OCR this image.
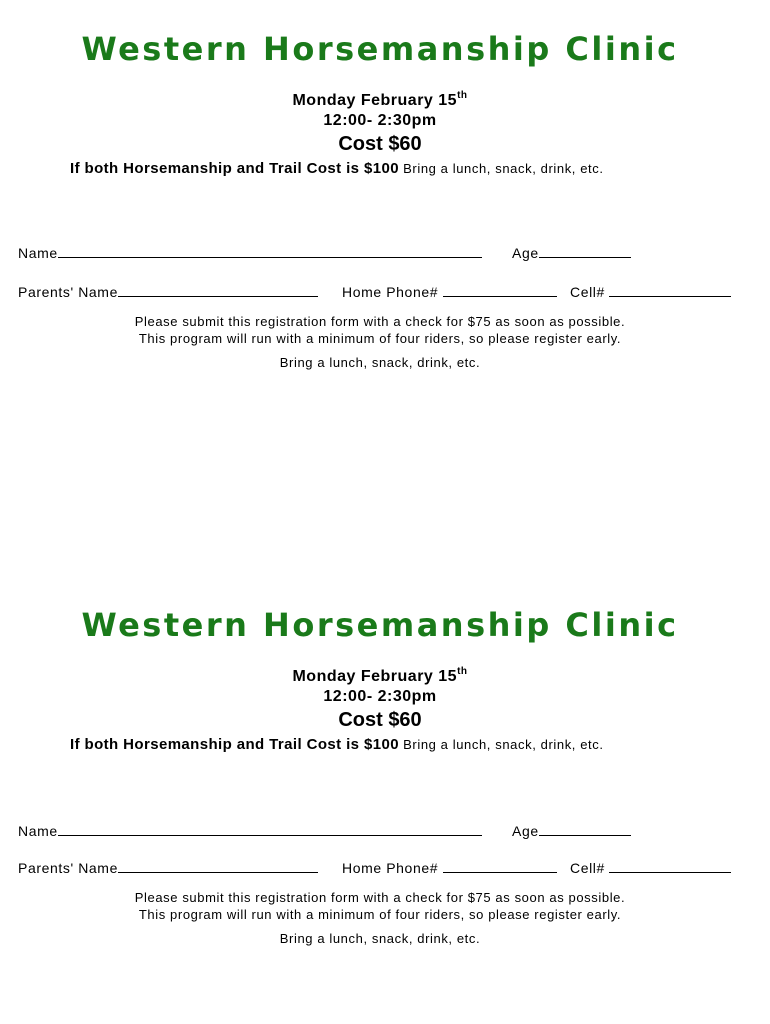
Western Horsemanship Clinic
Monday February 15th
12:00- 2:30pm
Cost $60
If both Horsemanship and Trail Cost is $100 Bring a lunch, snack, drink, etc.
Name	Age
Parents' Name	Home Phone#	Cell#
Please submit this registration form with a check for $75 as soon as possible.
This program will run with a minimum of four riders, so please register early.
Bring a lunch, snack, drink, etc.
Western Horsemanship Clinic
Monday February 15th
12:00- 2:30pm
Cost $60
If both Horsemanship and Trail Cost is $100 Bring a lunch, snack, drink, etc.
Name	Age
Parents' Name	Home Phone#	Cell#
Please submit this registration form with a check for $75 as soon as possible.
This program will run with a minimum of four riders, so please register early.
Bring a lunch, snack, drink, etc.
